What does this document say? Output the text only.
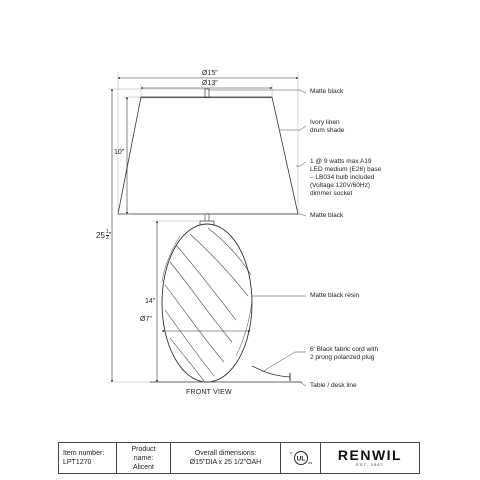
Ø15"
Ø13"
10"
$25 \frac{1}{2}$ "
14"
Ø7"
Matte black
Ivory linen
drum shade
1 @ 9 watts max A19
LED medium (E26) base
– LB034 bulb included
(Voltage:120V/60Hz)
dimmer socket
Matte black
Matte black resin
6' Black fabric cord with
2 prong polarized plug
Table / desk line
FRONT VIEW
Item number:
LPT1270
Product name:
Alicent
Overall dimensions:
Ø15"DIA x 25 1/2"OAH
c
UL us RENWIL
EST. 1967
